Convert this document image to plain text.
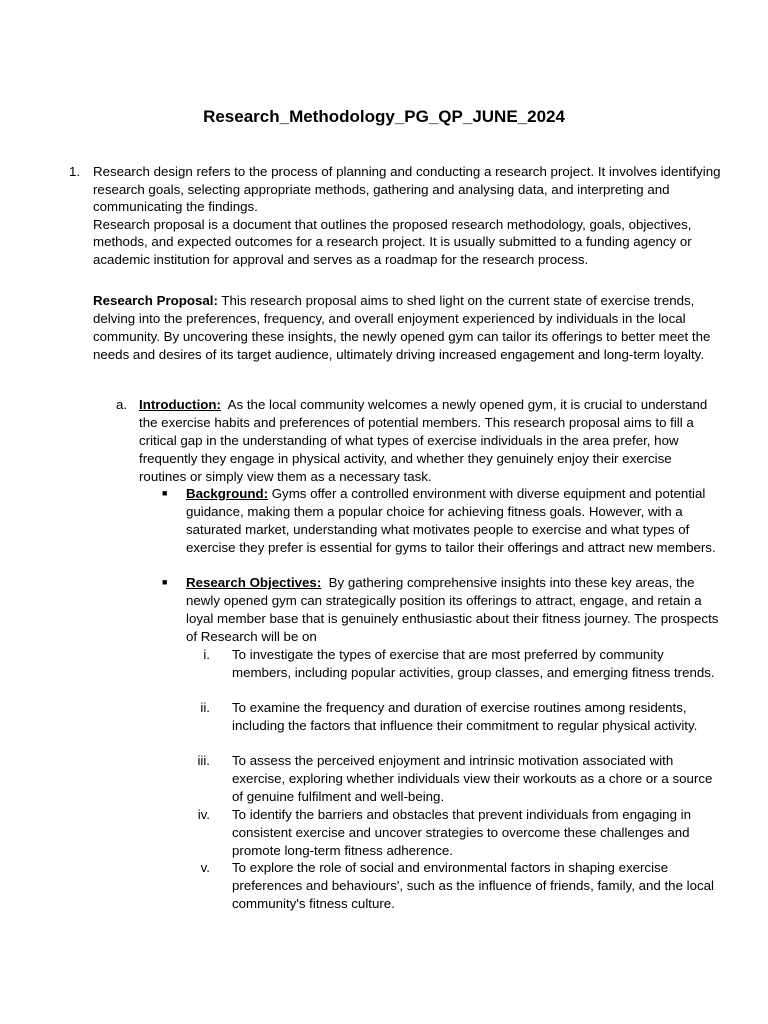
Research_Methodology_PG_QP_JUNE_2024
1. Research design refers to the process of planning and conducting a research project. It involves identifying research goals, selecting appropriate methods, gathering and analysing data, and interpreting and communicating the findings.
Research proposal is a document that outlines the proposed research methodology, goals, objectives, methods, and expected outcomes for a research project. It is usually submitted to a funding agency or academic institution for approval and serves as a roadmap for the research process.

Research Proposal: This research proposal aims to shed light on the current state of exercise trends, delving into the preferences, frequency, and overall enjoyment experienced by individuals in the local community. By uncovering these insights, the newly opened gym can tailor its offerings to better meet the needs and desires of its target audience, ultimately driving increased engagement and long-term loyalty.

a. Introduction:  As the local community welcomes a newly opened gym, it is crucial to understand the exercise habits and preferences of potential members. This research proposal aims to fill a critical gap in the understanding of what types of exercise individuals in the area prefer, how frequently they engage in physical activity, and whether they genuinely enjoy their exercise routines or simply view them as a necessary task.

■ Background: Gyms offer a controlled environment with diverse equipment and potential guidance, making them a popular choice for achieving fitness goals. However, with a saturated market, understanding what motivates people to exercise and what types of exercise they prefer is essential for gyms to tailor their offerings and attract new members.

■ Research Objectives:  By gathering comprehensive insights into these key areas, the newly opened gym can strategically position its offerings to attract, engage, and retain a loyal member base that is genuinely enthusiastic about their fitness journey. The prospects of Research will be on

i. To investigate the types of exercise that are most preferred by community members, including popular activities, group classes, and emerging fitness trends.

ii. To examine the frequency and duration of exercise routines among residents, including the factors that influence their commitment to regular physical activity.

iii. To assess the perceived enjoyment and intrinsic motivation associated with exercise, exploring whether individuals view their workouts as a chore or a source of genuine fulfilment and well-being.

iv. To identify the barriers and obstacles that prevent individuals from engaging in consistent exercise and uncover strategies to overcome these challenges and promote long-term fitness adherence.

v. To explore the role of social and environmental factors in shaping exercise preferences and behaviours', such as the influence of friends, family, and the local community's fitness culture.
